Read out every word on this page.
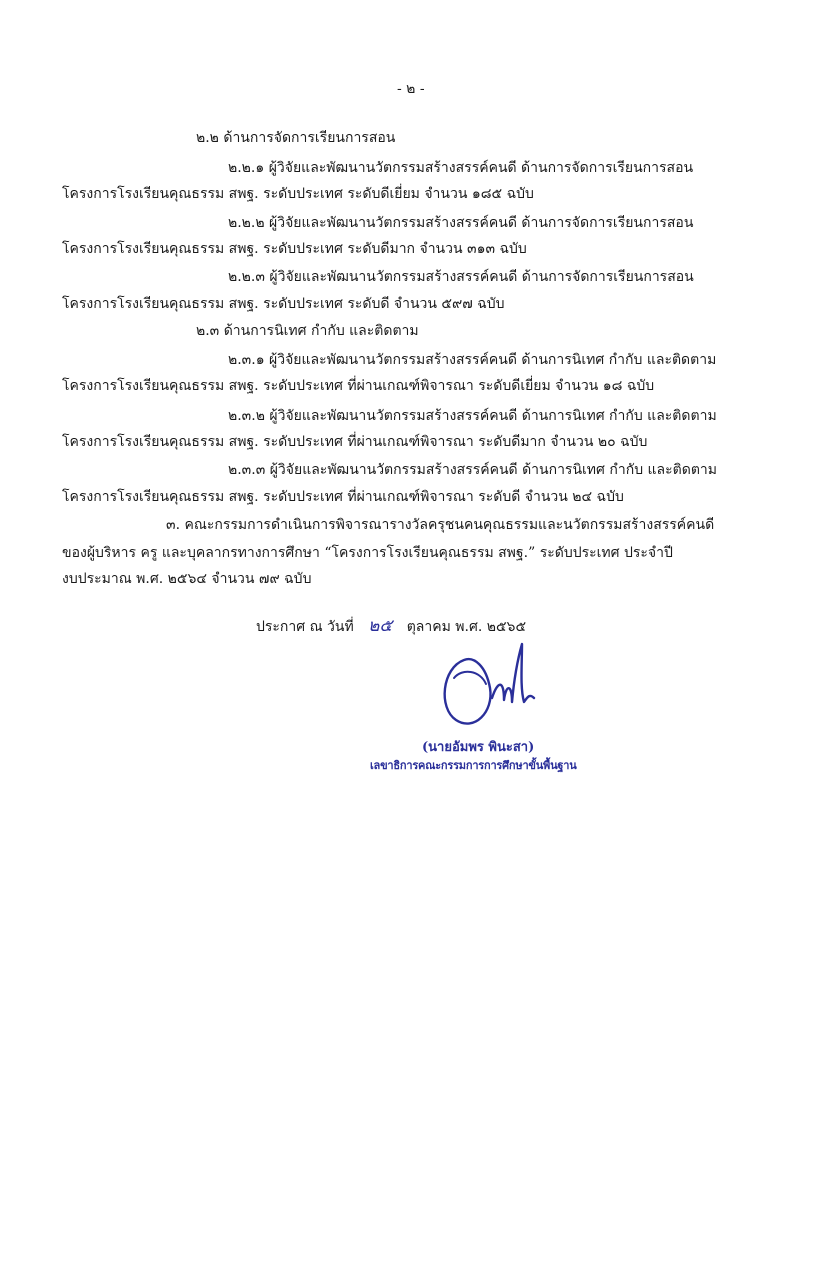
- ๒ -
๒.๒ ด้านการจัดการเรียนการสอน
๒.๒.๑ ผู้วิจัยและพัฒนานวัตกรรมสร้างสรรค์คนดี ด้านการจัดการเรียนการสอน
โครงการโรงเรียนคุณธรรม สพฐ. ระดับประเทศ ระดับดีเยี่ยม จำนวน ๑๘๕ ฉบับ
๒.๒.๒ ผู้วิจัยและพัฒนานวัตกรรมสร้างสรรค์คนดี ด้านการจัดการเรียนการสอน
โครงการโรงเรียนคุณธรรม สพฐ. ระดับประเทศ ระดับดีมาก จำนวน ๓๑๓ ฉบับ
๒.๒.๓ ผู้วิจัยและพัฒนานวัตกรรมสร้างสรรค์คนดี ด้านการจัดการเรียนการสอน
โครงการโรงเรียนคุณธรรม สพฐ. ระดับประเทศ ระดับดี จำนวน ๕๙๗ ฉบับ
๒.๓ ด้านการนิเทศ กำกับ และติดตาม
๒.๓.๑ ผู้วิจัยและพัฒนานวัตกรรมสร้างสรรค์คนดี ด้านการนิเทศ กำกับ และติดตาม
โครงการโรงเรียนคุณธรรม สพฐ. ระดับประเทศ ที่ผ่านเกณฑ์พิจารณา ระดับดีเยี่ยม จำนวน ๑๘ ฉบับ
๒.๓.๒ ผู้วิจัยและพัฒนานวัตกรรมสร้างสรรค์คนดี ด้านการนิเทศ กำกับ และติดตาม
โครงการโรงเรียนคุณธรรม สพฐ. ระดับประเทศ ที่ผ่านเกณฑ์พิจารณา ระดับดีมาก จำนวน ๒๐ ฉบับ
๒.๓.๓ ผู้วิจัยและพัฒนานวัตกรรมสร้างสรรค์คนดี ด้านการนิเทศ กำกับ และติดตาม
โครงการโรงเรียนคุณธรรม สพฐ. ระดับประเทศ ที่ผ่านเกณฑ์พิจารณา ระดับดี จำนวน ๒๔ ฉบับ
๓. คณะกรรมการดำเนินการพิจารณารางวัลครุชนคนคุณธรรมและนวัตกรรมสร้างสรรค์คนดี
ของผู้บริหาร ครู และบุคลากรทางการศึกษา “โครงการโรงเรียนคุณธรรม สพฐ.” ระดับประเทศ ประจำปี
งบประมาณ พ.ศ. ๒๕๖๔ จำนวน ๗๙ ฉบับ
ประกาศ ณ วันที่ ๒๕ ตุลาคม พ.ศ. ๒๕๖๕
(นายอัมพร พินะสา)
เลขาธิการคณะกรรมการการศึกษาขั้นพื้นฐาน
